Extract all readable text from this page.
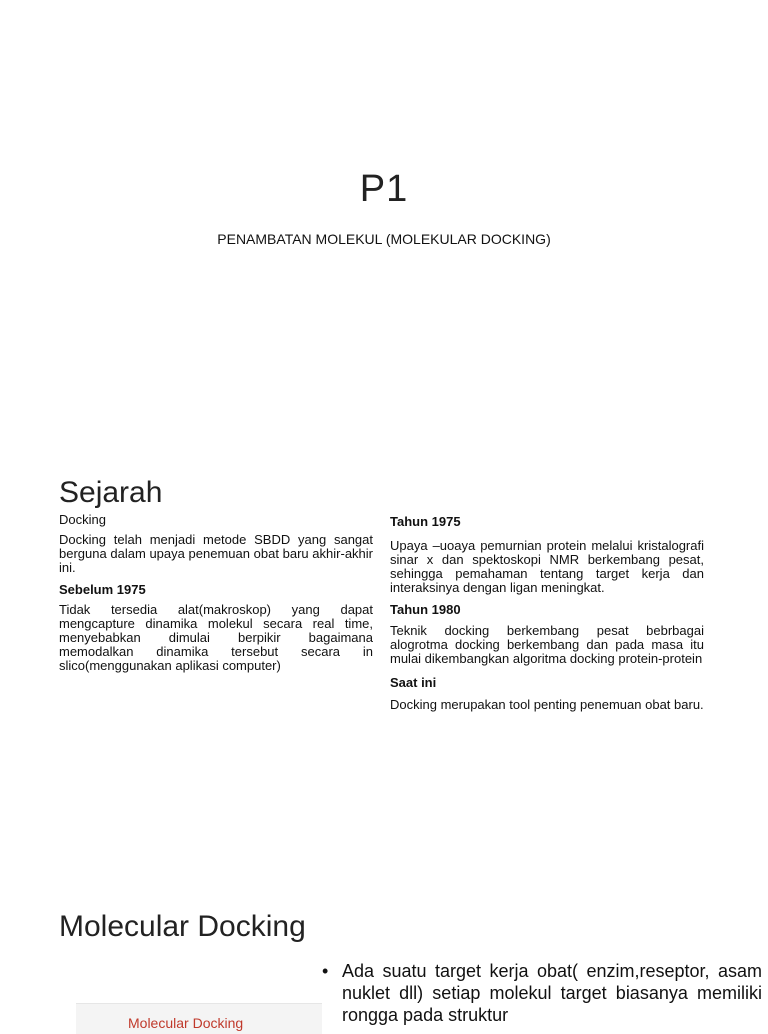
P1
PENAMBATAN MOLEKUL (MOLEKULAR DOCKING)
Sejarah
Docking
Docking telah menjadi metode SBDD yang sangat berguna dalam upaya penemuan obat baru akhir-akhir ini.
Sebelum 1975
Tidak tersedia alat(makroskop) yang dapat mengcapture dinamika molekul secara real time, menyebabkan dimulai berpikir bagaimana memodalkan dinamika tersebut secara in slico(menggunakan aplikasi computer)
Tahun 1975
Upaya –uoaya pemurnian protein melalui kristalografi sinar x dan spektoskopi NMR berkembang pesat, sehingga pemahaman tentang target kerja dan interaksinya dengan ligan meningkat.
Tahun 1980
Teknik docking berkembang pesat bebrbagai alogrotma docking berkembang dan pada masa itu mulai dikembangkan algoritma docking protein-protein
Saat ini
Docking merupakan tool penting penemuan obat baru.
Molecular Docking
• Ada suatu target kerja obat( enzim,reseptor, asam nuklet dll) setiap molekul target biasanya memiliki rongga pada struktur
Molecular Docking
